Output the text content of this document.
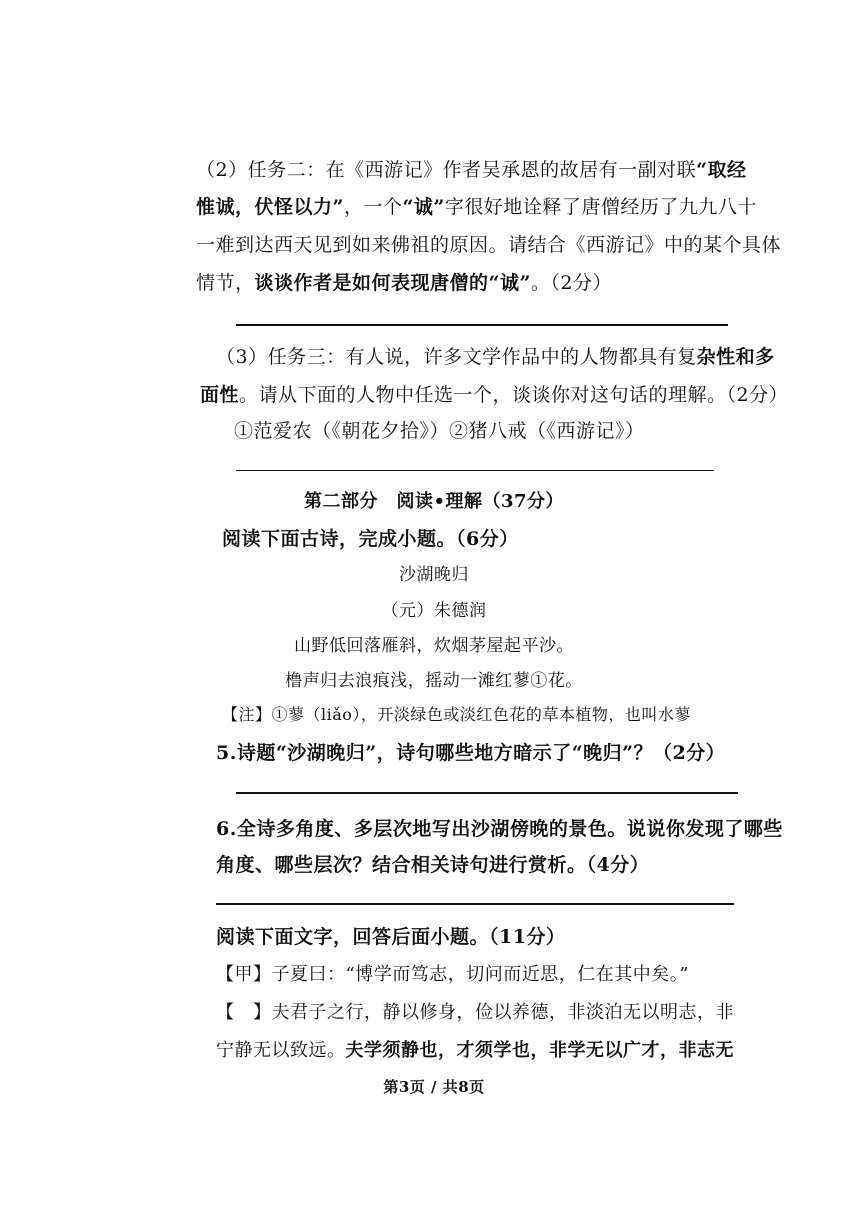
（2）任务二：在《西游记》作者吴承恩的故居有一副对联“取经
惟诚，伏怪以力”，一个“诚”字很好地诠释了唐僧经历了九九八十
一难到达西天见到如来佛祖的原因。请结合《西游记》中的某个具体
情节，谈谈作者是如何表现唐僧的“诚”。（2分）
（3）任务三：有人说，许多文学作品中的人物都具有复杂性和多
面性。请从下面的人物中任选一个，谈谈你对这句话的理解。（2分）
①范爱农（《朝花夕拾》）②猪八戒（《西游记》）
第二部分　阅读•理解（37分）
阅读下面古诗，完成小题。（6分）
沙湖晚归
（元）朱德润
山野低回落雁斜，炊烟茅屋起平沙。
橹声归去浪痕浅，摇动一滩红蓼①花。
【注】①蓼（liǎo），开淡绿色或淡红色花的草本植物，也叫水蓼
5.诗题“沙湖晚归”，诗句哪些地方暗示了“晚归”？（2分）
6.全诗多角度、多层次地写出沙湖傍晚的景色。说说你发现了哪些
角度、哪些层次？结合相关诗句进行赏析。（4分）
阅读下面文字，回答后面小题。（11分）
【甲】子夏曰：“博学而笃志，切问而近思，仁在其中矣。”
【　】夫君子之行，静以修身，俭以养德，非淡泊无以明志，非
宁静无以致远。夫学须静也，才须学也，非学无以广才，非志无
第3页 / 共8页
